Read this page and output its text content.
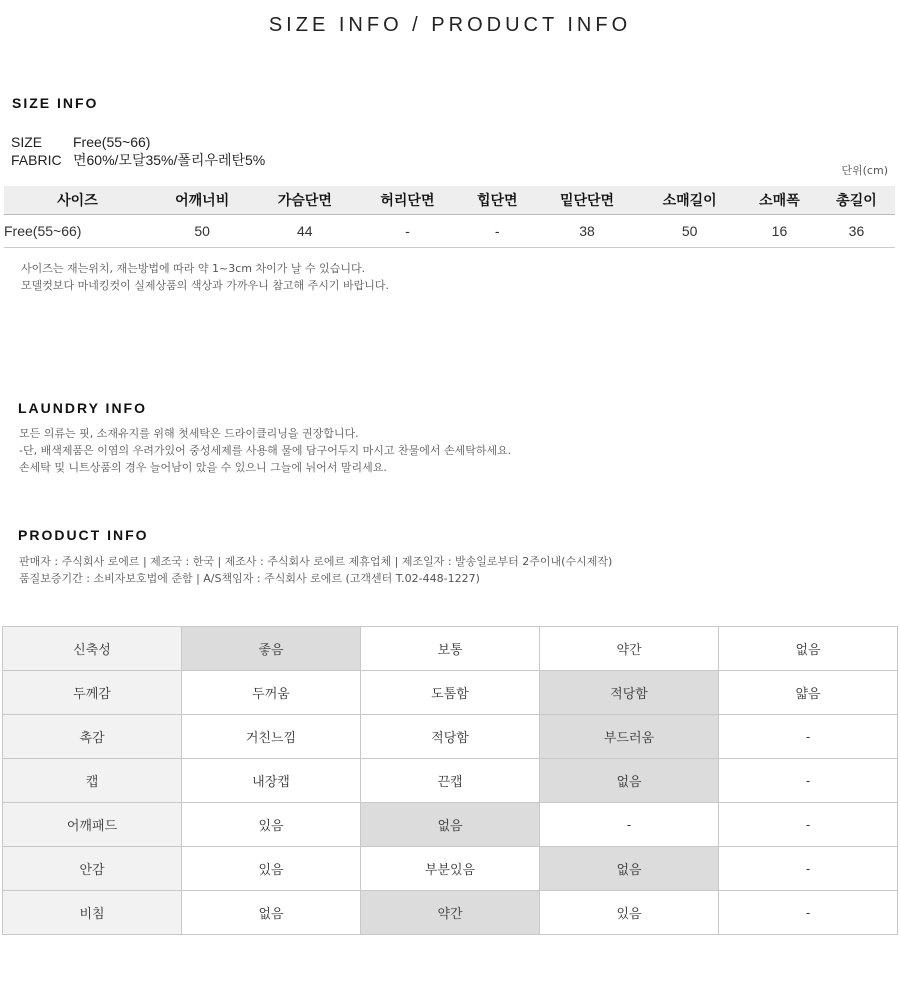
SIZE INFO / PRODUCT INFO
SIZE INFO
SIZE Free(55~66)
FABRIC 면60%/모달35%/폴리우레탄5%
단위(cm)
사이즈	어깨너비	가슴단면	허리단면	힙단면	밑단단면	소매길이	소매폭	총길이
Free(55~66)	50	44	-	-	38	50	16	36
사이즈는 재는위치, 재는방법에 따라 약 1~3cm 차이가 날 수 있습니다.
모델컷보다 마네킹컷이 실제상품의 색상과 가까우니 참고해 주시기 바랍니다.
LAUNDRY INFO
모든 의류는 핏, 소재유지를 위해 첫세탁은 드라이클리닝을 권장합니다.
-단, 배색제품은 이염의 우려가있어 중성세제를 사용해 물에 담구어두지 마시고 찬물에서 손세탁하세요.
손세탁 및 니트상품의 경우 늘어남이 았을 수 있으니 그늘에 뉘어서 말리세요.
PRODUCT INFO
판매자 : 주식회사 로에르 | 제조국 : 한국 | 제조사 : 주식회사 로에르 제휴업체 | 제조일자 : 발송일로부터 2주이내(수시제작)
품질보증기간 : 소비자보호법에 준함 | A/S책임자 : 주식회사 로에르 (고객센터 T.02-448-1227)
신축성	좋음	보통	약간	없음
두께감	두꺼움	도톰함	적당함	얇음
촉감	거친느낌	적당함	부드러움	-
캡	내장캡	끈캡	없음	-
어깨패드	있음	없음	-	-
안감	있음	부분있음	없음	-
비침	없음	약간	있음	-
